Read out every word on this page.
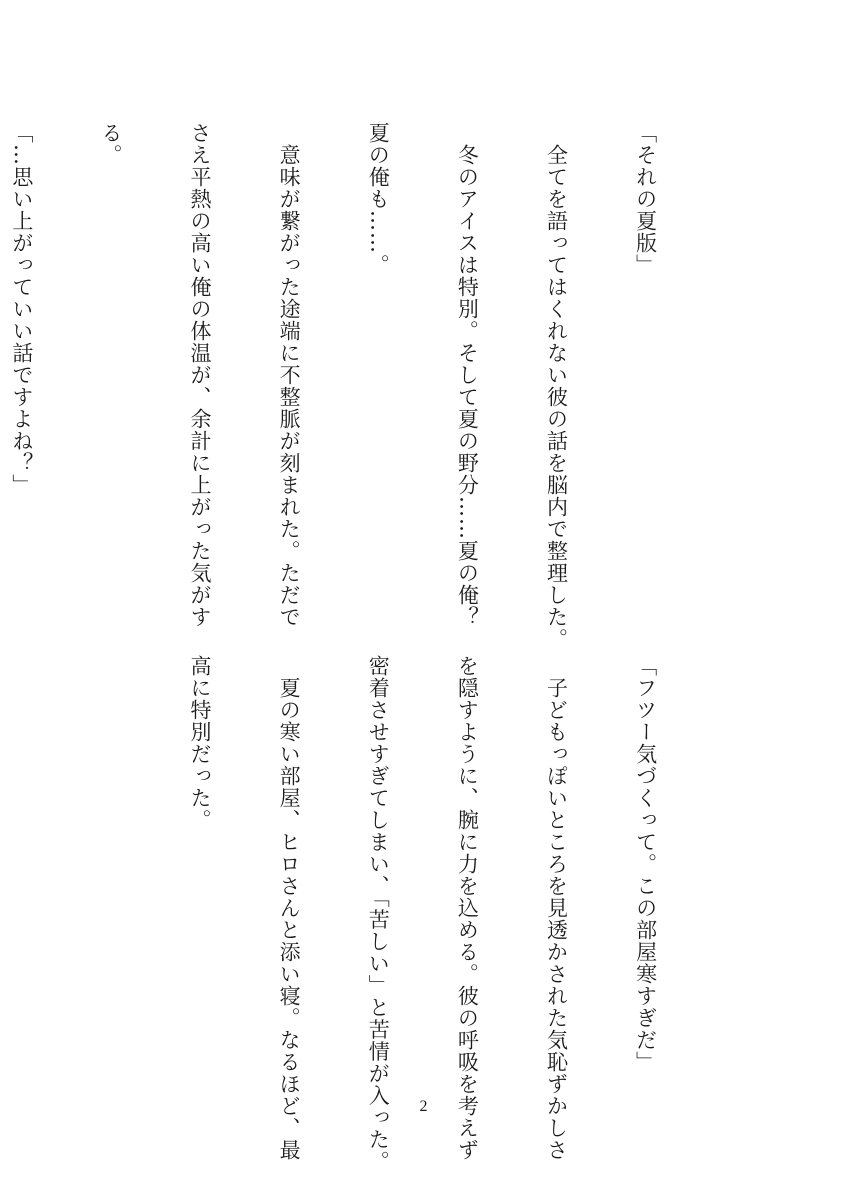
「それの夏版」

　全てを語ってはくれない彼の話を脳内で整理した。

　冬のアイスは特別。そして夏の野分……夏の俺？

夏の俺も……。

　意味が繋がった途端に不整脈が刻まれた。ただで

さえ平熱の高い俺の体温が、余計に上がった気がす

る。

「…思い上がっていい話ですよね？」

「フツー気づくって。この部屋寒すぎだ」

　子どもっぽいところを見透かされた気恥ずかしさ

を隠すように、腕に力を込める。彼の呼吸を考えず

密着させすぎてしまい、「苦しい」と苦情が入った。

　夏の寒い部屋、ヒロさんと添い寝。なるほど、最

高に特別だった。

2
